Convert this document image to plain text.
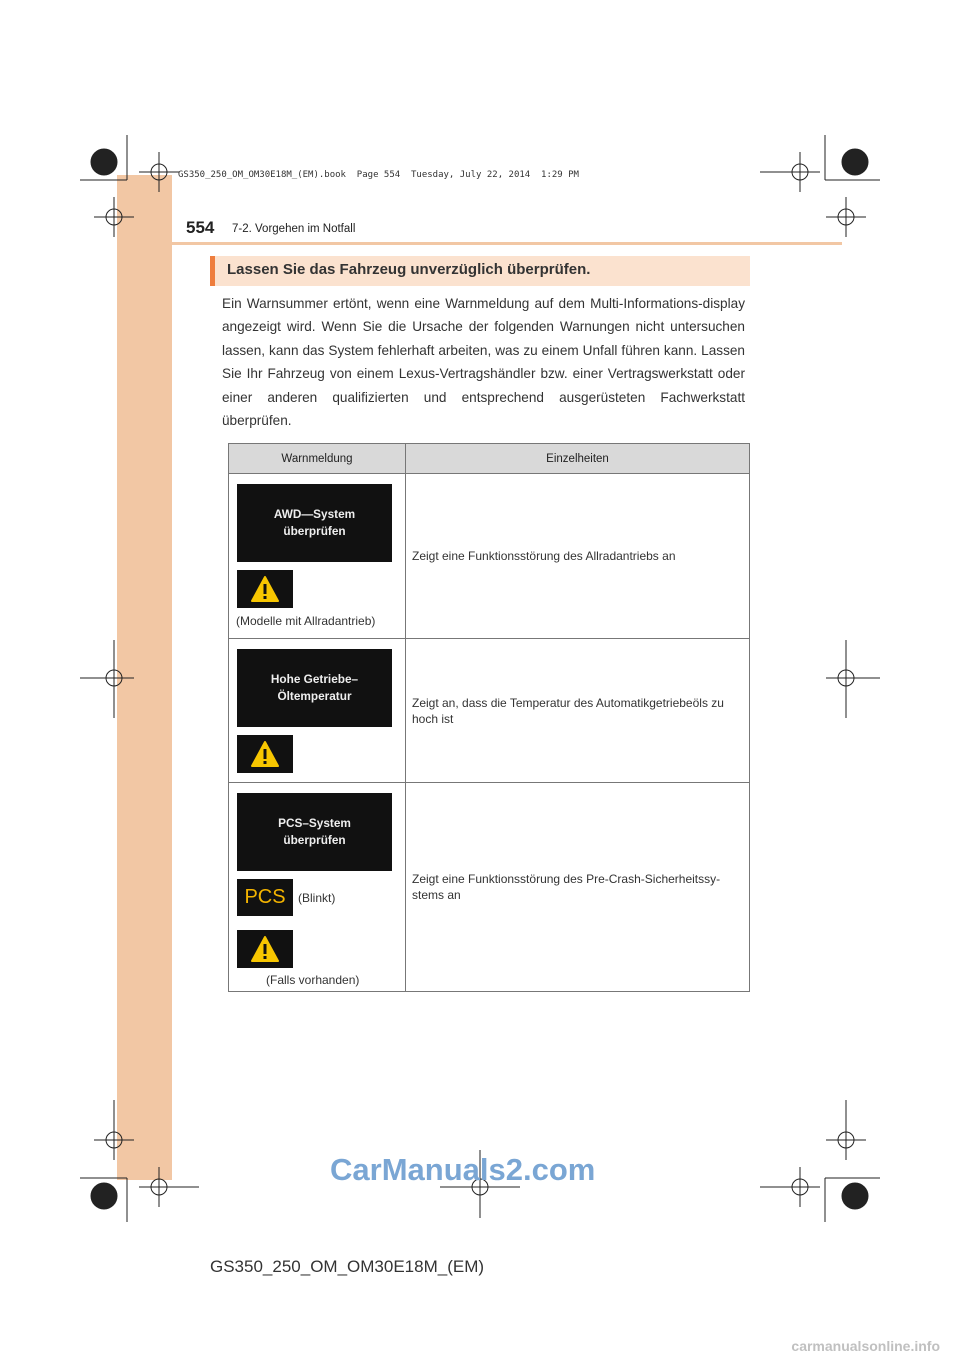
GS350_250_OM_OM30E18M_(EM).book  Page 554  Tuesday, July 22, 2014  1:29 PM
554 7-2. Vorgehen im Notfall
Lassen Sie das Fahrzeug unverzüglich überprüfen.
Ein Warnsummer ertönt, wenn eine Warnmeldung auf dem Multi-Informations-display angezeigt wird. Wenn Sie die Ursache der folgenden Warnungen nicht untersuchen lassen, kann das System fehlerhaft arbeiten, was zu einem Unfall führen kann. Lassen Sie Ihr Fahrzeug von einem Lexus-Vertragshändler bzw. einer Vertragswerkstatt oder einer anderen qualifizierten und entsprechend ausgerüsteten Fachwerkstatt überprüfen.
Warnmeldung	Einzelheiten

AWD—System
überprüfen
(Modelle mit Allradantrieb)	Zeigt eine Funktionsstörung des Allradantriebs an

Hohe Getriebe–
Öltemperatur	Zeigt an, dass die Temperatur des Automatikgetriebeöls zu hoch ist

PCS–System
überprüfen
PCS (Blinkt)
(Falls vorhanden)	Zeigt eine Funktionsstörung des Pre-Crash-Sicherheitssy-stems an
CarManuals2.com
GS350_250_OM_OM30E18M_(EM)
carmanualsonline.info
